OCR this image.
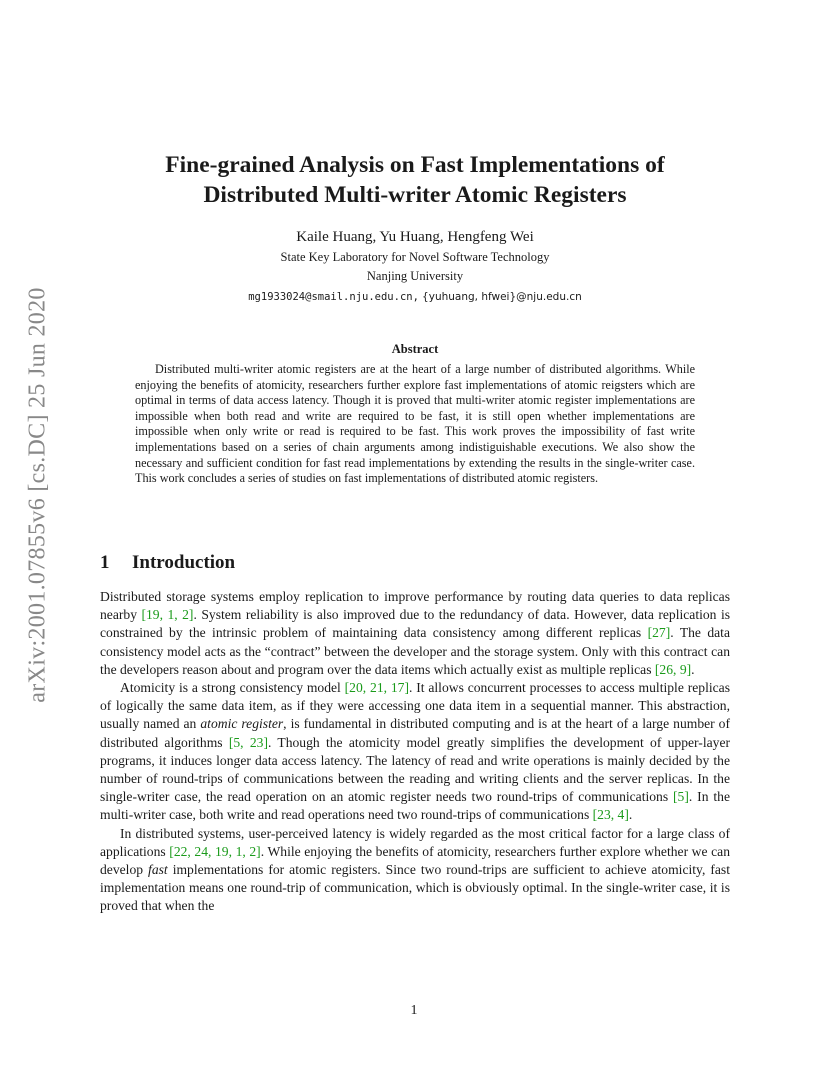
arXiv:2001.07855v6 [cs.DC] 25 Jun 2020
Fine-grained Analysis on Fast Implementations of
Distributed Multi-writer Atomic Registers
Kaile Huang, Yu Huang, Hengfeng Wei
State Key Laboratory for Novel Software Technology
Nanjing University
mg1933024@smail.nju.edu.cn, {yuhuang, hfwei}@nju.edu.cn
Abstract

Distributed multi-writer atomic registers are at the heart of a large number of distributed algorithms. While enjoying the benefits of atomicity, researchers further explore fast implementations of atomic reigsters which are optimal in terms of data access latency. Though it is proved that multi-writer atomic register implementations are impossible when both read and write are required to be fast, it is still open whether implementations are impossible when only write or read is required to be fast. This work proves the impossibility of fast write implementations based on a series of chain arguments among indistiguishable executions. We also show the necessary and sufficient condition for fast read implementations by extending the results in the single-writer case. This work concludes a series of studies on fast implementations of distributed atomic registers.

1 Introduction

Distributed storage systems employ replication to improve performance by routing data queries to data replicas nearby [19, 1, 2]. System reliability is also improved due to the redundancy of data. However, data replication is constrained by the intrinsic problem of maintaining data consistency among different replicas [27]. The data consistency model acts as the “contract” between the developer and the storage system. Only with this contract can the developers reason about and program over the data items which actually exist as multiple replicas [26, 9].

Atomicity is a strong consistency model [20, 21, 17]. It allows concurrent processes to access multiple replicas of logically the same data item, as if they were accessing one data item in a sequential manner. This abstraction, usually named an atomic register, is fundamental in distributed computing and is at the heart of a large number of distributed algorithms [5, 23]. Though the atomicity model greatly simplifies the development of upper-layer programs, it induces longer data access latency. The latency of read and write operations is mainly decided by the number of round-trips of communications between the reading and writing clients and the server replicas. In the single-writer case, the read operation on an atomic register needs two round-trips of communications [5]. In the multi-writer case, both write and read operations need two round-trips of communications [23, 4].

In distributed systems, user-perceived latency is widely regarded as the most critical factor for a large class of applications [22, 24, 19, 1, 2]. While enjoying the benefits of atomicity, researchers further explore whether we can develop fast implementations for atomic registers. Since two round-trips are sufficient to achieve atomicity, fast implementation means one round-trip of communication, which is obviously optimal. In the single-writer case, it is proved that when the

1
